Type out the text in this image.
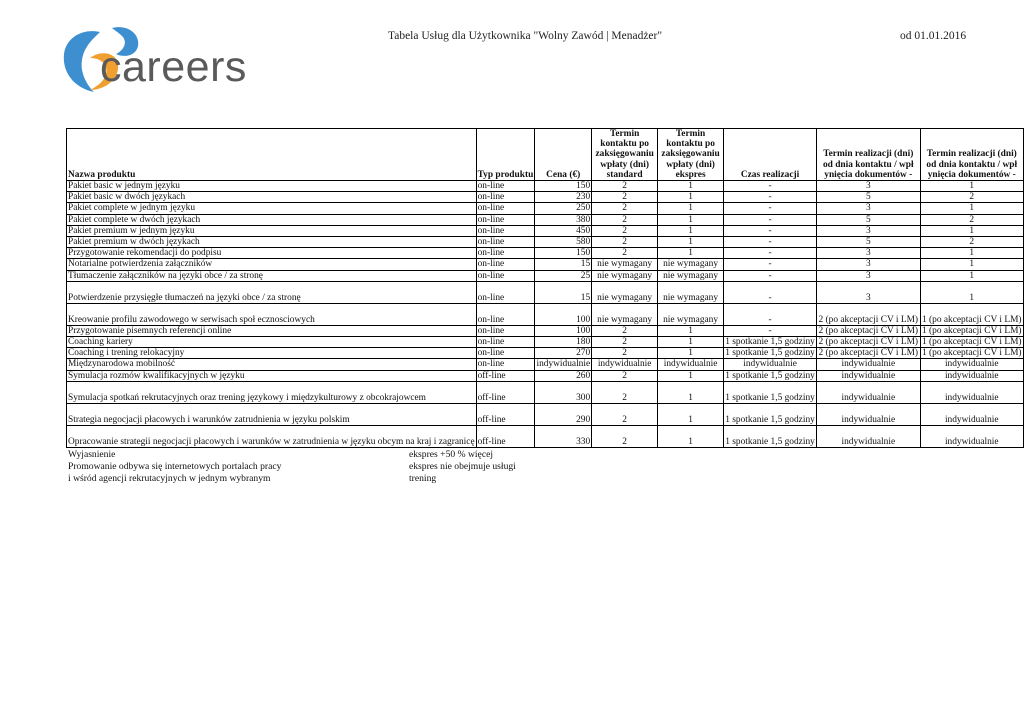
careers
Tabela Usług dla Użytkownika "Wolny Zawód | Menadżer"	od 01.01.2016
Nazwa produktu	Typ produktu	Cena (€)	Termin kontaktu po zaksięgowaniu wpłaty (dni) standard	Termin kontaktu po zaksięgowaniu wpłaty (dni) ekspres	Czas realizacji	Termin realizacji (dni) od dnia kontaktu / wpł ynięcia dokumentów -	Termin realizacji (dni) od dnia kontaktu / wpł ynięcia dokumentów -
Pakiet basic w jednym języku	on-line	150	2	1	-	3	1
Pakiet basic w dwóch językach	on-line	230	2	1	-	5	2
Pakiet complete w jednym języku	on-line	250	2	1	-	3	1
Pakiet complete w dwóch językach	on-line	380	2	1	-	5	2
Pakiet premium w jednym języku	on-line	450	2	1	-	3	1
Pakiet premium w dwóch językach	on-line	580	2	1	-	5	2
Przygotowanie rekomendacji do podpisu	on-line	150	2	1	-	3	1
Notarialne potwierdzenia załączników	on-line	15	nie wymagany	nie wymagany	-	3	1
Tłumaczenie załączników na języki obce / za stronę	on-line	25	nie wymagany	nie wymagany	-	3	1
Potwierdzenie przysięgłe tłumaczeń na języki obce / za stronę	on-line	15	nie wymagany	nie wymagany	-	3	1
Kreowanie profilu zawodowego w serwisach społ ecznosciowych	on-line	100	nie wymagany	nie wymagany	-	2 (po akceptacji CV i LM)	1 (po akceptacji CV i LM)
Przygotowanie pisemnych referencji online	on-line	100	2	1	-	2 (po akceptacji CV i LM)	1 (po akceptacji CV i LM)
Coaching kariery	on-line	180	2	1	1 spotkanie 1,5 godziny	2 (po akceptacji CV i LM)	1 (po akceptacji CV i LM)
Coaching i trening relokacyjny	on-line	270	2	1	1 spotkanie 1,5 godziny	2 (po akceptacji CV i LM)	1 (po akceptacji CV i LM)
Międzynarodowa mobilność	on-line	indywidualnie	indywidualnie	indywidualnie	indywidualnie	indywidualnie	indywidualnie
Symulacja rozmów kwalifikacyjnych w języku	off-line	260	2	1	1 spotkanie 1,5 godziny	indywidualnie	indywidualnie
Symulacja spotkań rekrutacyjnych oraz trening językowy i międzykulturowy z obcokrajowcem	off-line	300	2	1	1 spotkanie 1,5 godziny	indywidualnie	indywidualnie
Strategia negocjacji płacowych i warunków zatrudnienia w języku polskim	off-line	290	2	1	1 spotkanie 1,5 godziny	indywidualnie	indywidualnie
Opracowanie strategii negocjacji płacowych i warunków w zatrudnienia w języku obcym na kraj i zagranicę	off-line	330	2	1	1 spotkanie 1,5 godziny	indywidualnie	indywidualnie
Wyjasnienie
Promowanie odbywa się internetowych portalach pracy
i wśród agencji rekrutacyjnych w jednym wybranym
ekspres +50 % więcej
ekspres nie obejmuje usługi
trening
